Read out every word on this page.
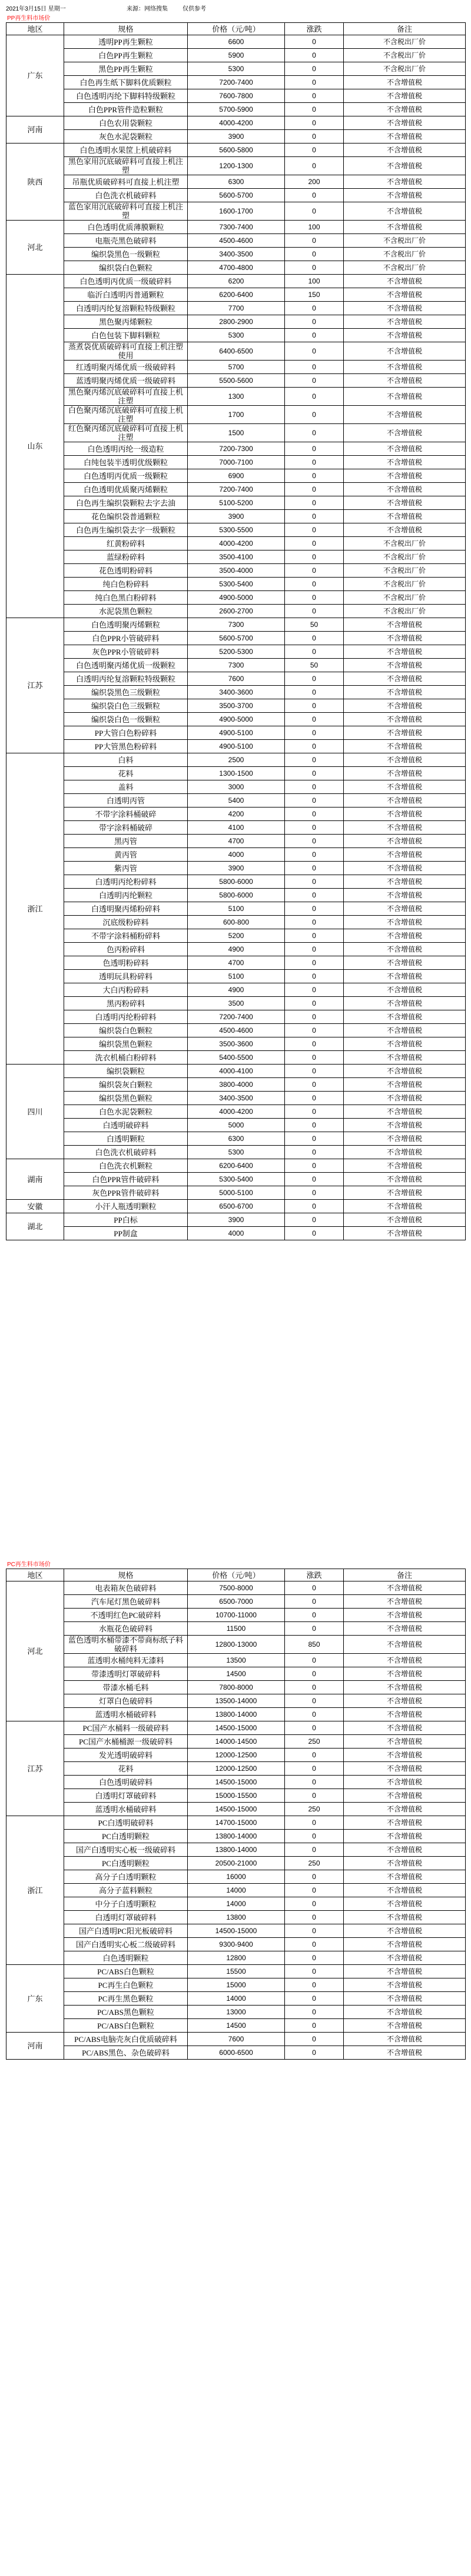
2021年3月15日 星期一	来源：网络搜集	仅供参考
PP再生料市场价
地区	规格	价格（元/吨）	涨跌	备注
广东	透明PP再生颗粒	6600	0	不含税出厂价
	白色PP再生颗粒	5900	0	不含税出厂价
	黑色PP再生颗粒	5300	0	不含税出厂价
	白色再生纸下脚料优质颗粒	7200-7400	0	不含增值税
	白色透明丙纶下脚料特级颗粒	7600-7800	0	不含增值税
	白色PPR管件造粒颗粒	5700-5900	0	不含增值税
河南	白色农用袋颗粒	4000-4200	0	不含增值税
	灰色水泥袋颗粒	3900	0	不含增值税
陕西	白色透明水果筐上机破碎料	5600-5800	0	不含增值税
	黑色家用沉底破碎料可直接上机注塑	1200-1300	0	不含增值税
	吊瓶优质破碎料可直接上机注塑	6300	200	不含增值税
	白色洗衣机破碎料	5600-5700	0	不含增值税
	蓝色家用沉底破碎料可直接上机注塑	1600-1700	0	不含增值税
河北	白色透明优质薄膜颗粒	7300-7400	100	不含增值税
	电瓶壳黑色破碎料	4500-4600	0	不含税出厂价
	编织袋黑色一级颗粒	3400-3500	0	不含税出厂价
	编织袋白色颗粒	4700-4800	0	不含税出厂价
山东	白色透明丙优质一级破碎料	6200	100	不含增值税
	临沂白透明丙普通颗粒	6200-6400	150	不含增值税
	白透明丙纶复溶颗粒特级颗粒	7700	0	不含增值税
	黑色聚丙烯颗粒	2800-2900	0	不含增值税
	白色包装下脚料颗粒	5300	0	不含增值税
	蒸煮袋优质破碎料可直接上机注塑使用	6400-6500	0	不含增值税
	红透明聚丙烯优质一级破碎料	5700	0	不含增值税
	蓝透明聚丙烯优质一级破碎料	5500-5600	0	不含增值税
	黑色聚丙烯沉底破碎料可直接上机注塑	1300	0	不含增值税
	白色聚丙烯沉底破碎料可直接上机注塑	1700	0	不含增值税
	红色聚丙烯沉底破碎料可直接上机注塑	1500	0	不含增值税
	白色透明丙纶一级造粒	7200-7300	0	不含增值税
	白纯包装半透明优级颗粒	7000-7100	0	不含增值税
	白色透明丙优质一级颗粒	6900	0	不含增值税
	白色透明优质聚丙烯颗粒	7200-7400	0	不含增值税
	白色再生编织袋颗粒去字去油	5100-5200	0	不含增值税
	花色编织袋普通颗粒	3900	0	不含增值税
	白色再生编织袋去字一级颗粒	5300-5500	0	不含增值税
	红黄粉碎料	4000-4200	0	不含税出厂价
	蓝绿粉碎料	3500-4100	0	不含税出厂价
	花色透明粉碎料	3500-4000	0	不含税出厂价
	纯白色粉碎料	5300-5400	0	不含税出厂价
	纯白色黑白粉碎料	4900-5000	0	不含税出厂价
	水泥袋黑色颗粒	2600-2700	0	不含税出厂价
江苏	白色透明聚丙烯颗粒	7300	50	不含增值税
	白色PPR小管破碎料	5600-5700	0	不含增值税
	灰色PPR小管破碎料	5200-5300	0	不含增值税
	白色透明聚丙烯优质一级颗粒	7300	50	不含增值税
	白透明丙纶复溶颗粒特级颗粒	7600	0	不含增值税
	编织袋黑色三级颗粒	3400-3600	0	不含增值税
	编织袋白色三级颗粒	3500-3700	0	不含增值税
	编织袋白色一级颗粒	4900-5000	0	不含增值税
	PP大管白色粉碎料	4900-5100	0	不含增值税
	PP大管黑色粉碎料	4900-5100	0	不含增值税
浙江	白料	2500	0	不含增值税
	花料	1300-1500	0	不含增值税
	盖料	3000	0	不含增值税
	白透明丙管	5400	0	不含增值税
	不带字涂料桶破碎	4200	0	不含增值税
	带字涂料桶破碎	4100	0	不含增值税
	黑丙管	4700	0	不含增值税
	黄丙管	4000	0	不含增值税
	紫丙管	3900	0	不含增值税
	白透明丙纶粉碎料	5800-6000	0	不含增值税
	白透明丙纶颗粒	5800-6000	0	不含增值税
	白透明聚丙烯粉碎料	5100	0	不含增值税
	沉底级粉碎料	600-800	0	不含增值税
	不带字涂料桶粉碎料	5200	0	不含增值税
	色丙粉碎料	4900	0	不含增值税
	色透明粉碎料	4700	0	不含增值税
	透明玩具粉碎料	5100	0	不含增值税
	大白丙粉碎料	4900	0	不含增值税
	黑丙粉碎料	3500	0	不含增值税
	白透明丙纶粉碎料	7200-7400	0	不含增值税
	编织袋白色颗粒	4500-4600	0	不含增值税
	编织袋黑色颗粒	3500-3600	0	不含增值税
	洗衣机桶白粉碎料	5400-5500	0	不含增值税
四川	编织袋颗粒	4000-4100	0	不含增值税
	编织袋灰白颗粒	3800-4000	0	不含增值税
	编织袋黑色颗粒	3400-3500	0	不含增值税
	白色水泥袋颗粒	4000-4200	0	不含增值税
	白透明破碎料	5000	0	不含增值税
	白透明颗粒	6300	0	不含增值税
	白色洗衣机破碎料	5300	0	不含增值税
湖南	白色洗衣机颗粒	6200-6400	0	不含增值税
	白色PPR管件破碎料	5300-5400	0	不含增值税
	灰色PPR管件破碎料	5000-5100	0	不含增值税
安徽	小汗人瓶透明颗粒	6500-6700	0	不含增值税
湖北	PP白标	3900	0	不含增值税
	PP制盒	4000	0	不含增值税
PC再生料市场价
地区	规格	价格（元/吨）	涨跌	备注
河北	电表箱灰色破碎料	7500-8000	0	不含增值税
	汽车尾灯黑色破碎料	6500-7000	0	不含增值税
	不透明红色PC破碎料	10700-11000	0	不含增值税
	水瓶花色破碎料	11500	0	不含增值税
	蓝色透明水桶带漆不带商标纸子料破碎料	12800-13000	850	不含增值税
	蓝透明水桶纯料无漆料	13500	0	不含增值税
	带漆透明灯罩破碎料	14500	0	不含增值税
	带漆水桶毛料	7800-8000	0	不含增值税
	灯罩白色破碎料	13500-14000	0	不含增值税
	蓝透明水桶破碎料	13800-14000	0	不含增值税
江苏	PC国产水桶料一级破碎料	14500-15000	0	不含增值税
	PC国产水桶桶源一级破碎料	14000-14500	250	不含增值税
	发光透明破碎料	12000-12500	0	不含增值税
	花料	12000-12500	0	不含增值税
	白色透明破碎料	14500-15000	0	不含增值税
	白透明灯罩破碎料	15000-15500	0	不含增值税
	蓝透明水桶破碎料	14500-15000	250	不含增值税
浙江	PC白透明破碎料	14700-15000	0	不含增值税
	PC白透明颗粒	13800-14000	0	不含增值税
	国产白透明实心板一级破碎料	13800-14000	0	不含增值税
	PC白透明颗粒	20500-21000	250	不含增值税
	高分子白透明颗粒	16000	0	不含增值税
	高分子蓝料颗粒	14000	0	不含增值税
	中分子白透明颗粒	14000	0	不含增值税
	白透明灯罩破碎料	13800	0	不含增值税
	国产白透明PC阳光板破碎料	14500-15000	0	不含增值税
	国产白透明实心板二级破碎料	9300-9400	0	不含增值税
	白色透明颗粒	12800	0	不含增值税
广东	PC/ABS白色颗粒	15500	0	不含增值税
	PC再生白色颗粒	15000	0	不含增值税
	PC再生黑色颗粒	14000	0	不含增值税
	PC/ABS黑色颗粒	13000	0	不含增值税
	PC/ABS白色颗粒	14500	0	不含增值税
河南	PC/ABS电脑壳灰白优质破碎料	7600	0	不含增值税
	PC/ABS黑色、杂色破碎料	6000-6500	0	不含增值税
